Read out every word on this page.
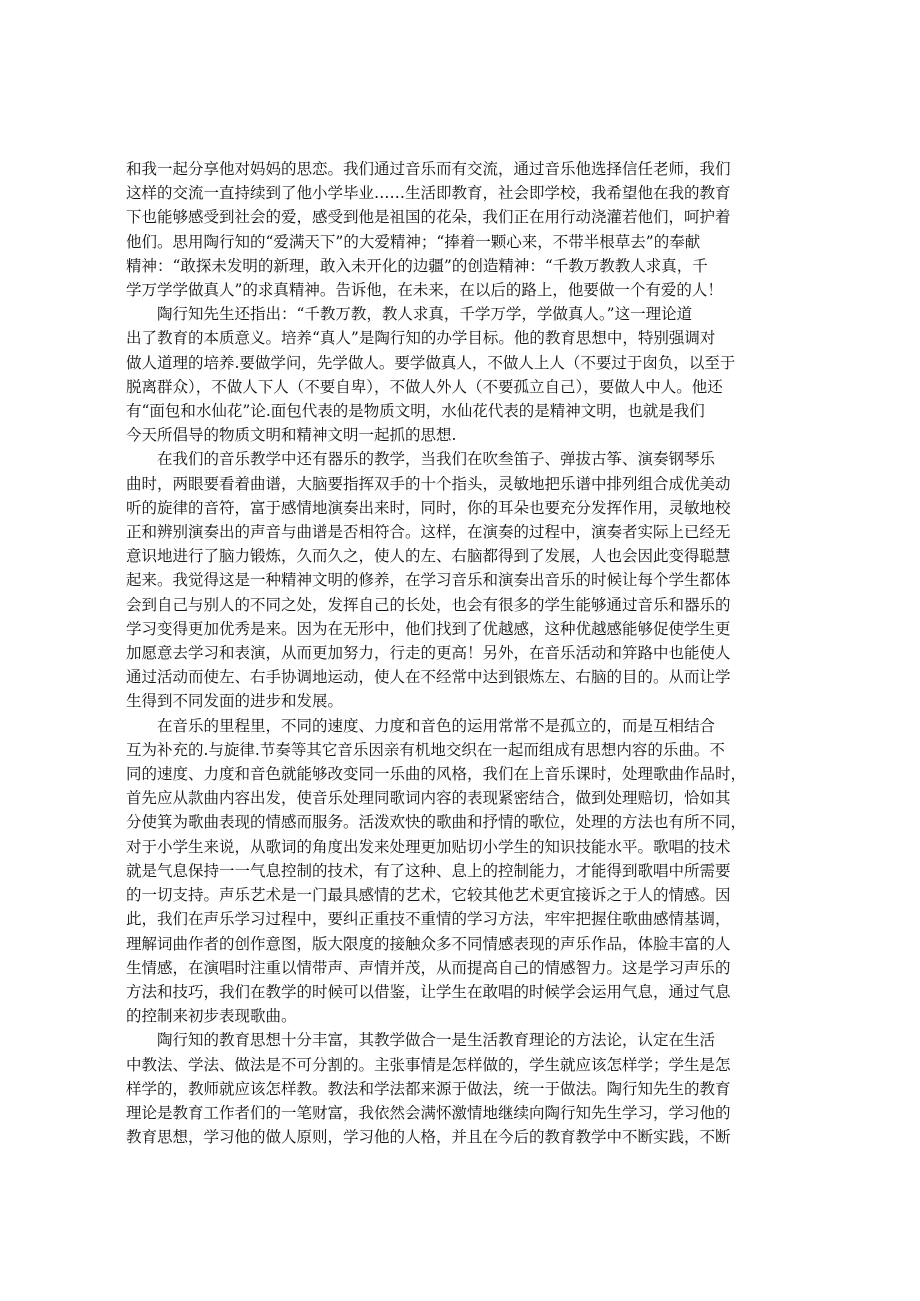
和我一起分享他对妈妈的思恋。我们通过音乐而有交流，通过音乐他选择信任老师，我们
这样的交流一直持续到了他小学毕业……生活即教育，社会即学校，我希望他在我的教育
下也能够感受到社会的爱，感受到他是祖国的花朵，我们正在用行动浇灌若他们，呵护着
他们。思用陶行知的“爱满天下”的大爱精神；“捧着一颗心来，不带半根草去”的奉献
精神：“敢探未发明的新理，敢入未开化的边疆”的创造精神：“千教万教教人求真，千
学万学学做真人”的求真精神。告诉他，在未来，在以后的路上，他要做一个有爱的人！

　　陶行知先生还指出：“千教万教，教人求真，千学万学，学做真人。”这一理论道
出了教育的本质意义。培养“真人”是陶行知的办学目标。他的教育思想中，特别强调对
做人道理的培养.要做学问，先学做人。要学做真人，不做人上人（不要过于囱负，以至于
脱离群众），不做人下人（不要自卑），不做人外人（不要孤立自己），要做人中人。他还
有“面包和水仙花”论.面包代表的是物质文明，水仙花代表的是精神文明，也就是我们
今天所倡导的物质文明和精神文明一起抓的思想.

　　在我们的音乐教学中还有器乐的教学，当我们在吹叁笛子、弹拔古筝、演奏钢琴乐
曲时，两眼要看着曲谱，大脑要指挥双手的十个指头，灵敏地把乐谱中排列组合成优美动
听的旋律的音符，富于感情地演奏出来时，同时，你的耳朵也要充分发挥作用，灵敏地校
正和辨别演奏出的声音与曲谱是否相符合。这样，在演奏的过程中，演奏者实际上已经无
意识地进行了脑力锻炼，久而久之，使人的左、右脑都得到了发展，人也会因此变得聪慧
起来。我觉得这是一种精神文明的修养，在学习音乐和演奏出音乐的时候让每个学生都体
会到自己与别人的不同之处，发挥自己的长处，也会有很多的学生能够通过音乐和器乐的
学习变得更加优秀是来。因为在无形中，他们找到了优越感，这种优越感能够促使学生更
加愿意去学习和表演，从而更加努力，行走的更高！另外，在音乐活动和笄路中也能使人
通过活动而使左、右手协调地运动，使人在不经常中达到银炼左、右脑的目的。从而让学
生得到不同发面的进步和发展。

　　在音乐的里程里，不同的速度、力度和音色的运用常常不是孤立的，而是互相结合
互为补充的.与旋律.节奏等其它音乐因亲有机地交织在一起而组成有思想内容的乐曲。不
同的速度、力度和音色就能够改变同一乐曲的风格，我们在上音乐课时，处理歌曲作品时，
首先应从款曲内容出发，使音乐处理同歌词内容的表现紧密结合，做到处理赔切，恰如其
分使箕为歌曲表现的情感而服务。活泼欢快的歌曲和抒情的歌位，处理的方法也有所不同，
对于小学生来说，从歌词的角度出发来处理更加贴切小学生的知识技能水平。歌唱的技术
就是气息保持一一气息控制的技术，有了这种、息上的控制能力，才能得到歌唱中所需要
的一切支持。声乐艺术是一门最具感情的艺术，它较其他艺术更宜接诉之于人的情感。因
此，我们在声乐学习过程中，要纠正重技不重情的学习方法，牢牢把握住歌曲感情基调，
理解词曲作者的创作意图，版大限度的接触众多不同情感表现的声乐作品，体脸丰富的人
生情感，在演唱时注重以情带声、声情并茂，从而提高自己的情感智力。这是学习声乐的
方法和技巧，我们在教学的时候可以借鉴，让学生在敢唱的时候学会运用气息，通过气息
的控制来初步表现歌曲。

　　陶行知的教育思想十分丰富，其教学做合一是生活教育理论的方法论，认定在生活
中教法、学法、做法是不可分割的。主张事情是怎样做的，学生就应该怎样学；学生是怎
样学的，教师就应该怎样教。教法和学法都来源于做法，统一于做法。陶行知先生的教育
理论是教育工作者们的一笔财富，我依然会满怀激情地继续向陶行知先生学习，学习他的
教育思想，学习他的做人原则，学习他的人格，并且在今后的教育教学中不断实践，不断
